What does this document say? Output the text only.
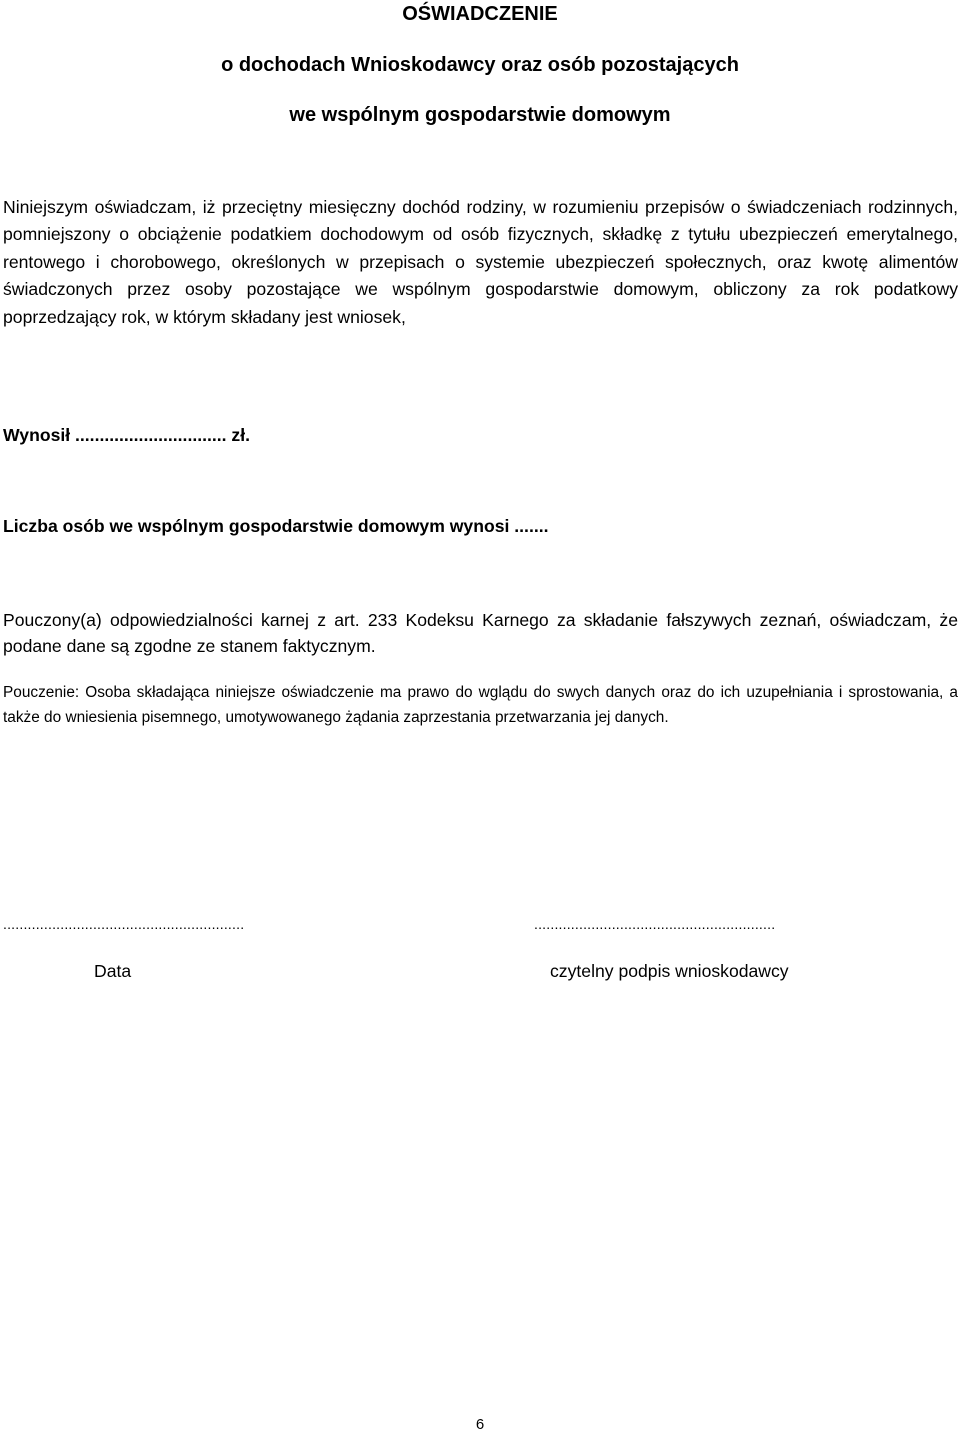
OŚWIADCZENIE
o dochodach Wnioskodawcy oraz osób pozostających
we wspólnym gospodarstwie domowym

Niniejszym oświadczam, iż przeciętny miesięczny dochód rodziny, w rozumieniu przepisów o świadczeniach rodzinnych, pomniejszony o obciążenie podatkiem dochodowym od osób fizycznych, składkę z tytułu ubezpieczeń emerytalnego, rentowego i chorobowego, określonych w przepisach o systemie ubezpieczeń społecznych, oraz kwotę alimentów świadczonych przez osoby pozostające we wspólnym gospodarstwie domowym, obliczony za rok podatkowy poprzedzający rok, w którym składany jest wniosek,

Wynosił ............................... zł.

Liczba osób we wspólnym gospodarstwie domowym wynosi .......

Pouczony(a) odpowiedzialności karnej z art. 233 Kodeksu Karnego za składanie fałszywych zeznań, oświadczam, że podane dane są zgodne ze stanem faktycznym.

Pouczenie: Osoba składająca niniejsze oświadczenie ma prawo do wglądu do swych danych oraz do ich uzupełniania i sprostowania, a także do wniesienia pisemnego, umotywowanego żądania zaprzestania przetwarzania jej danych.

...........................................................	...........................................................

Data	czytelny podpis wnioskodawcy

6
